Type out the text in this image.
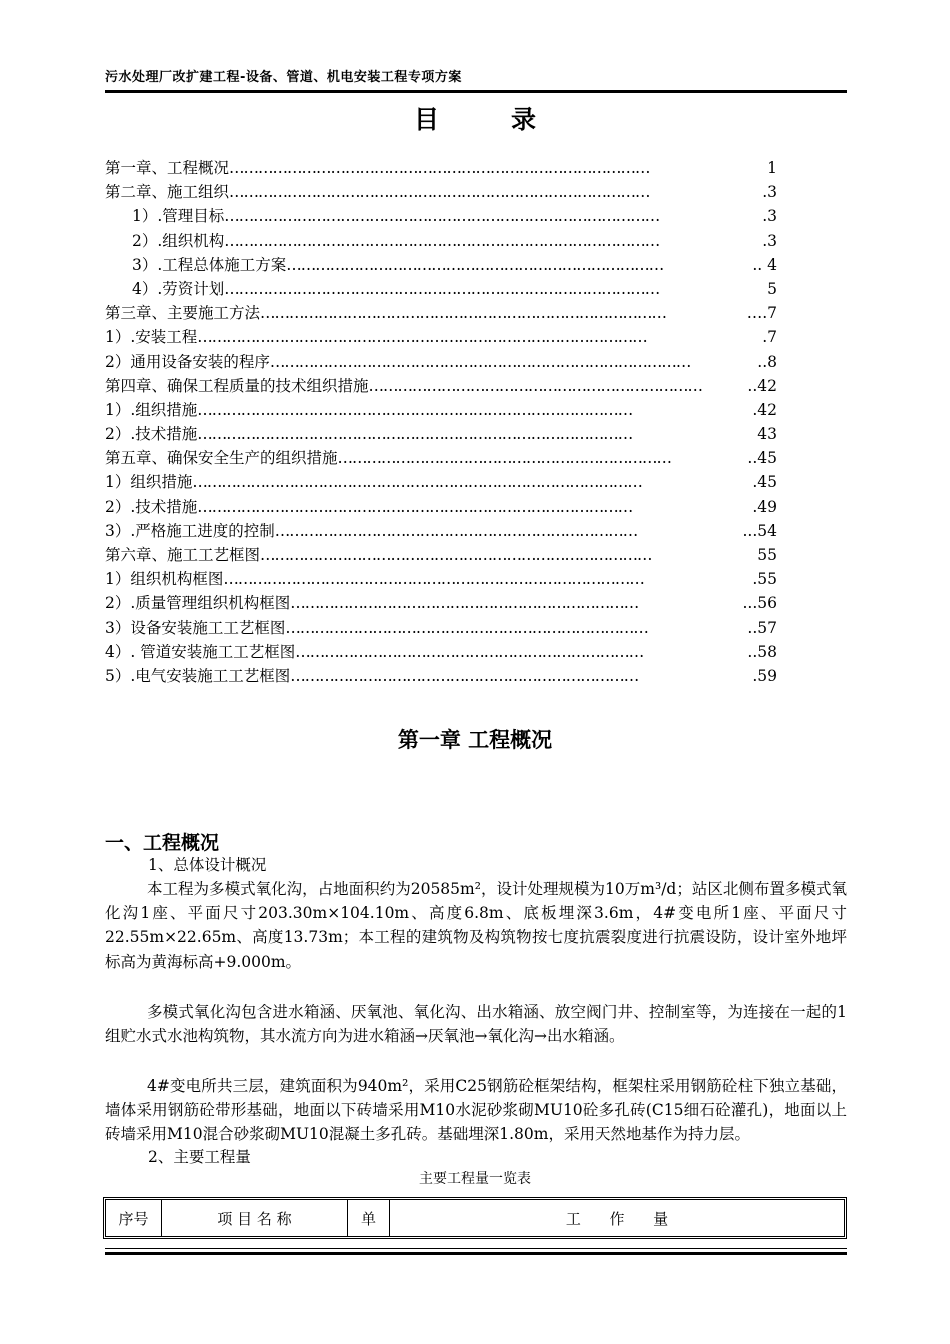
污水处理厂改扩建工程-设备、管道、机电安装工程专项方案
目	录
第一章、工程概况 ……………………………………………………………………………	1
第二章、施工组织 ……………………………………………………………………………	.3
1）.管理目标 ………………………………………………………………………………	.3
2）.组织机构 ………………………………………………………………………………	.3
3）.工程总体施工方案 ……………………………………………………………………	.. 4
4）.劳资计划 ………………………………………………………………………………	5
第三章、主要施工方法 …………………………………………………………………………	….7
1）.安装工程 …………………………………………………………………………………	.7
2）通用设备安装的程序 ……………………………………………………………………………	..8
第四章、确保工程质量的技术组织措施 ……………………………………………………………	..42
1）.组织措施 ………………………………………………………………………………	.42
2）.技术措施 ………………………………………………………………………………	43
第五章、确保安全生产的组织措施 ……………………………………………………………	..45
1）组织措施 …………………………………………………………………………………	.45
2）.技术措施 ………………………………………………………………………………	.49
3）.严格施工进度的控制 …………………………………………………………………	...54
第六章、施工工艺框图 ………………………………………………………………………	55
1）组织机构框图 ……………………………………………………………………………	.55
2）.质量管理组织机构框图 ………………………………………………………………	...56
3）设备安装施工工艺框图 …………………………………………………………………	..57
4）. 管道安装施工工艺框图 ………………………………………………………………	..58
5）.电气安装施工工艺框图 ………………………………………………………………	.59
第一章 工程概况
一、工程概况
1、总体设计概况
本工程为多模式氧化沟，占地面积约为20585m²，设计处理规模为10万m³/d；站区北侧布置多模式氧化沟1座、平面尺寸203.30m×104.10m、高度6.8m、底板埋深3.6m，4#变电所1座、平面尺寸22.55m×22.65m、高度13.73m；本工程的建筑物及构筑物按七度抗震裂度进行抗震设防，设计室外地坪标高为黄海标高+9.000m。
多模式氧化沟包含进水箱涵、厌氧池、氧化沟、出水箱涵、放空阀门井、控制室等，为连接在一起的1组贮水式水池构筑物，其水流方向为进水箱涵→厌氧池→氧化沟→出水箱涵。
4#变电所共三层，建筑面积为940m²，采用C25钢筋砼框架结构，框架柱采用钢筋砼柱下独立基础，墙体采用钢筋砼带形基础，地面以下砖墙采用M10水泥砂浆砌MU10砼多孔砖(C15细石砼灌孔)，地面以上砖墙采用M10混合砂浆砌MU10混凝土多孔砖。基础埋深1.80m，采用天然地基作为持力层。
2、主要工程量
主要工程量一览表
序号	项 目 名 称	单	工      作      量
